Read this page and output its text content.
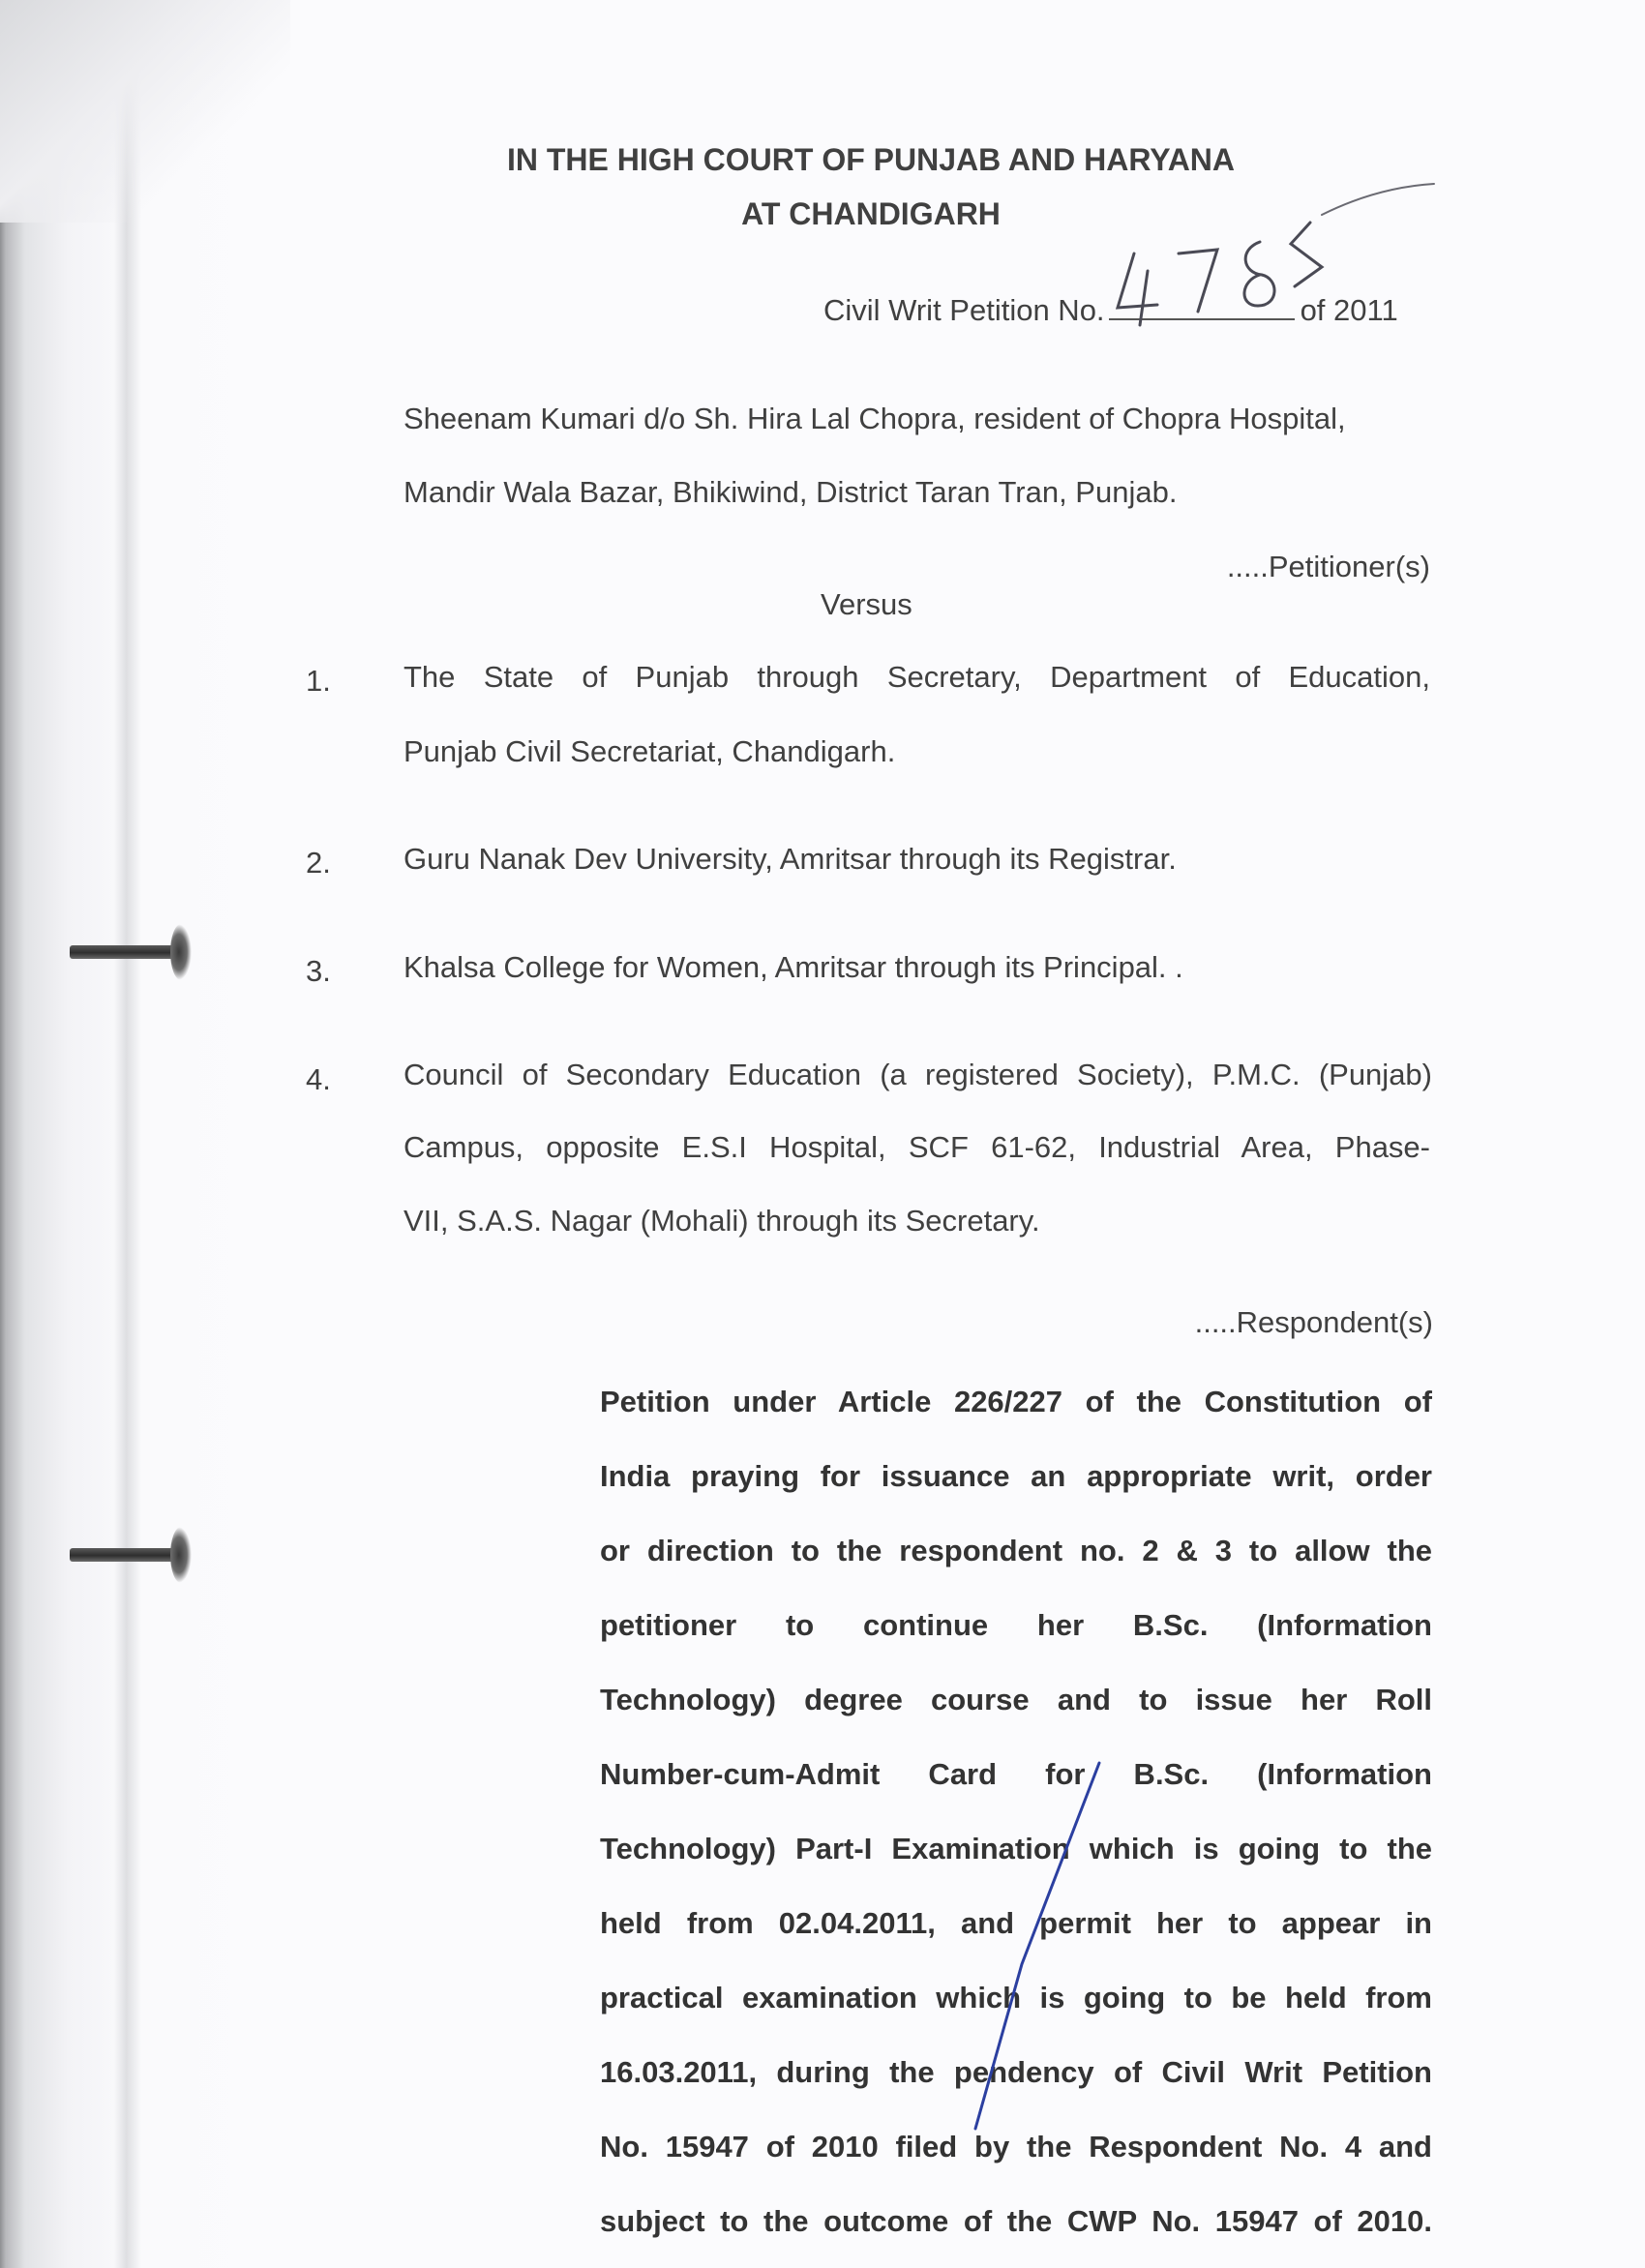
IN THE HIGH COURT OF PUNJAB AND HARYANA
AT CHANDIGARH
Civil Writ Petition No.	of 2011
Sheenam Kumari d/o Sh. Hira Lal Chopra, resident of Chopra Hospital,
Mandir Wala Bazar, Bhikiwind, District Taran Tran, Punjab.
.....Petitioner(s)
Versus
1. The State of Punjab through Secretary, Department of Education,
Punjab Civil Secretariat, Chandigarh.
2. Guru Nanak Dev University, Amritsar through its Registrar.
3. Khalsa College for Women, Amritsar through its Principal. .
4. Council of Secondary Education (a registered Society), P.M.C. (Punjab)
Campus, opposite E.S.I Hospital, SCF 61-62, Industrial Area, Phase-
VII, S.A.S. Nagar (Mohali) through its Secretary.
.....Respondent(s)
Petition under Article 226/227 of the Constitution of
India praying for issuance an appropriate writ, order
or direction to the respondent no. 2 & 3 to allow the
petitioner to continue her B.Sc. (Information
Technology) degree course and to issue her Roll
Number-cum-Admit Card for B.Sc. (Information
Technology) Part-I Examination which is going to the
held from 02.04.2011, and permit her to appear in
practical examination which is going to be held from
16.03.2011, during the pendency of Civil Writ Petition
No. 15947 of 2010 filed by the Respondent No. 4 and
subject to the outcome of the CWP No. 15947 of 2010.
